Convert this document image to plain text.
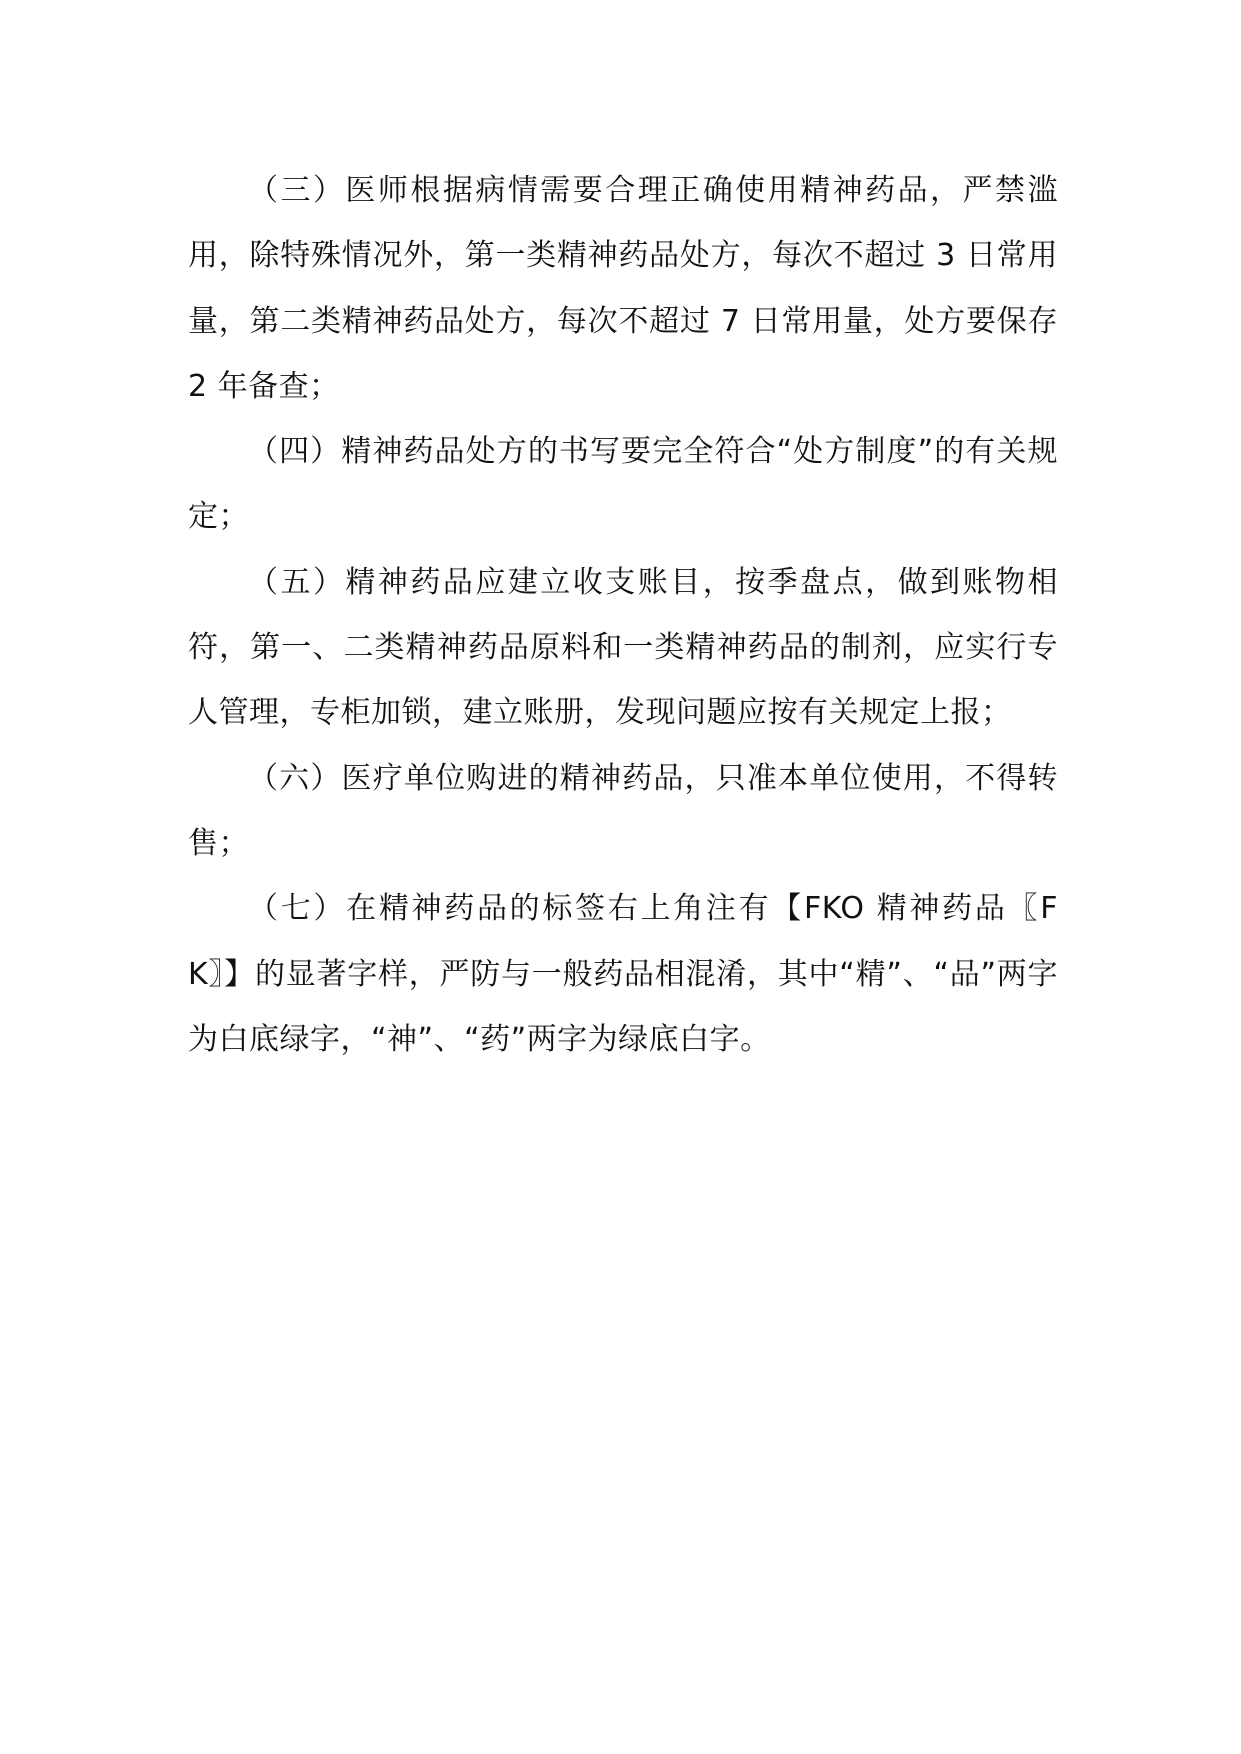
（三）医师根据病情需要合理正确使用精神药品，严禁滥用，除特殊情况外，第一类精神药品处方，每次不超过 3 日常用量，第二类精神药品处方，每次不超过 7 日常用量，处方要保存 2 年备查；

（四）精神药品处方的书写要完全符合“处方制度”的有关规定；

（五）精神药品应建立收支账目，按季盘点，做到账物相符，第一、二类精神药品原料和一类精神药品的制剂，应实行专人管理，专柜加锁，建立账册，发现问题应按有关规定上报；

（六）医疗单位购进的精神药品，只准本单位使用，不得转售；

（七）在精神药品的标签右上角注有【FKO 精神药品〖FK〗】的显著字样，严防与一般药品相混淆，其中“精”、“品”两字为白底绿字，“神”、“药”两字为绿底白字。
